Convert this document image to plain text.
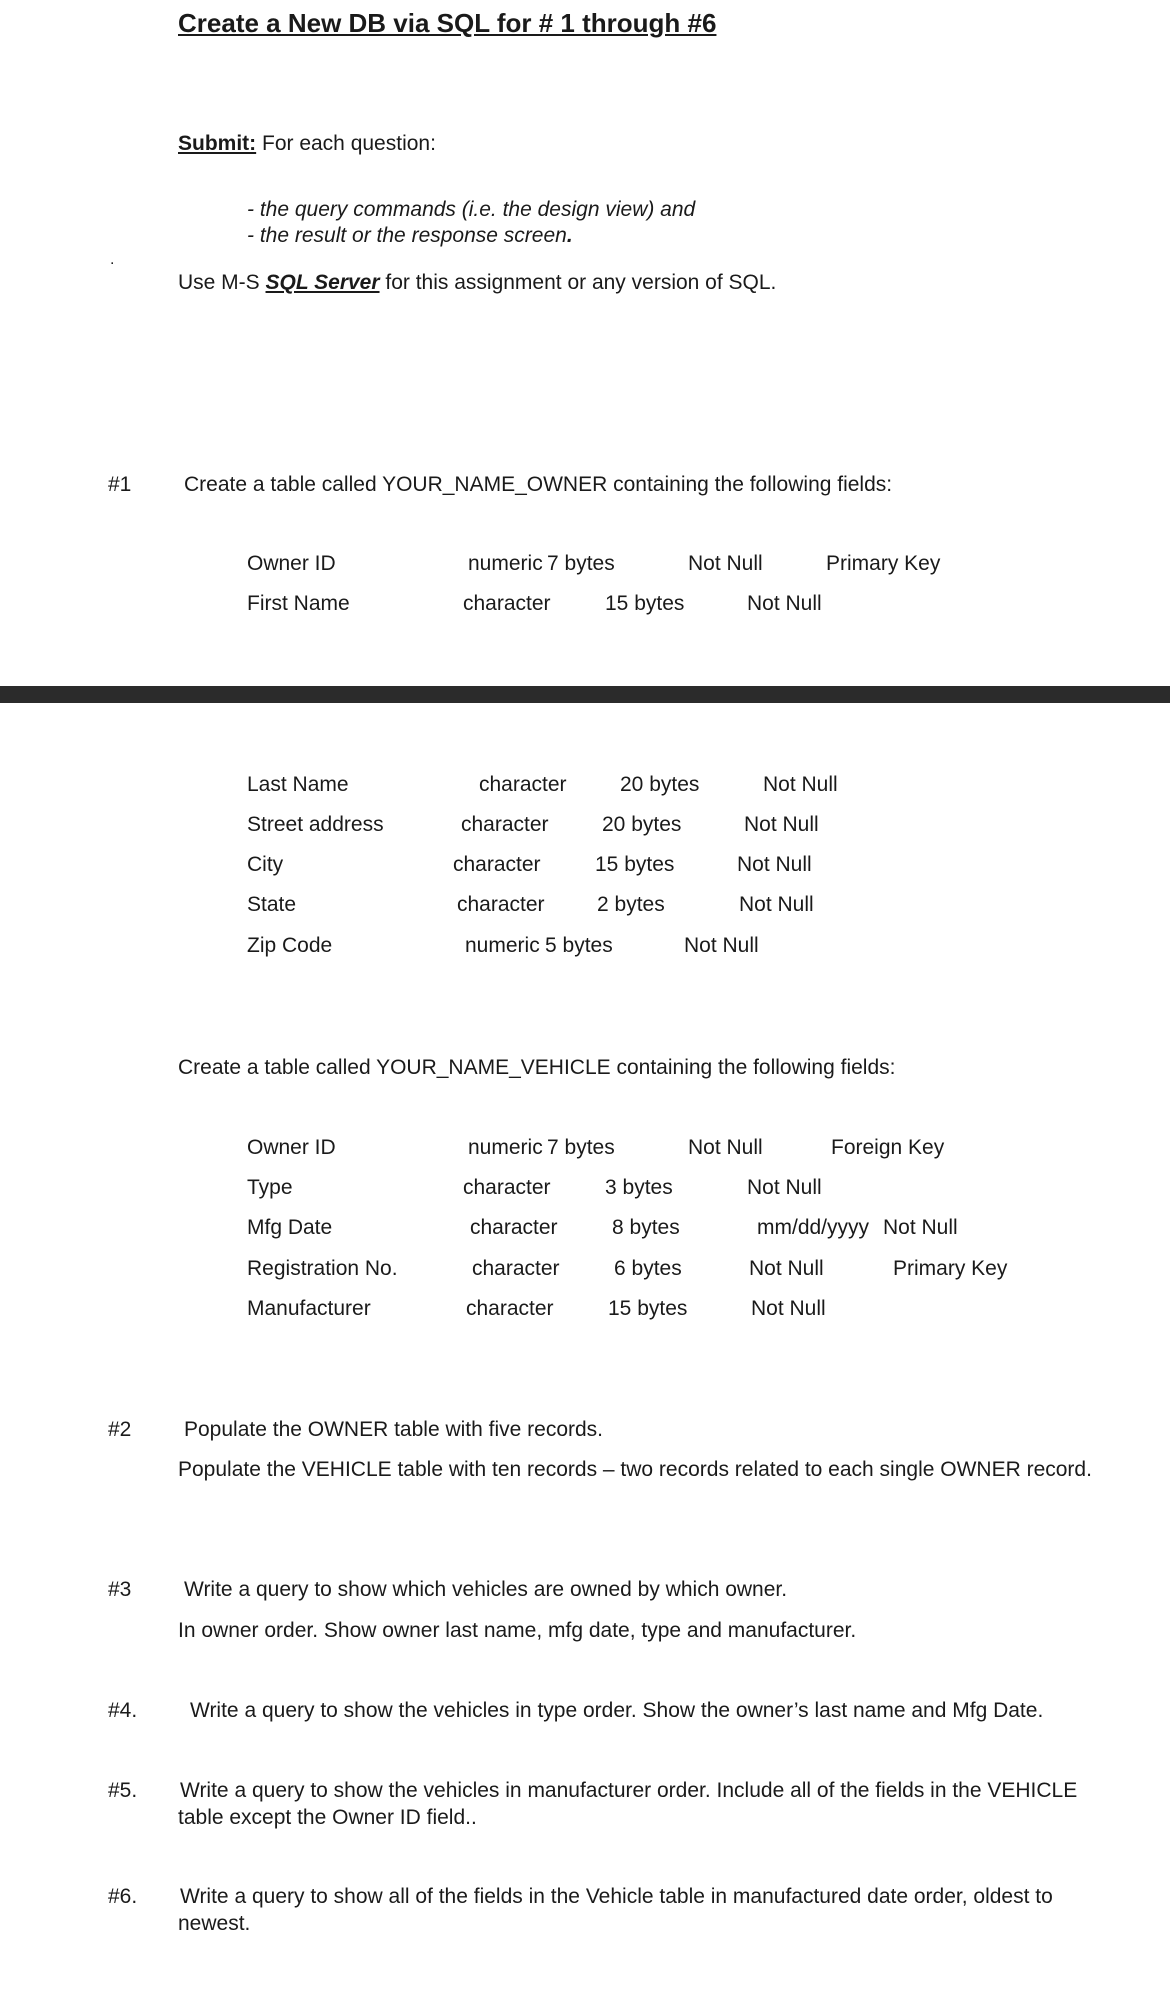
Create a New DB via SQL for # 1 through #6
Submit: For each question:
- the query commands (i.e. the design view) and
- the result or the response screen.
.
Use M-S SQL Server for this assignment or any version of SQL.
#1	Create a table called YOUR_NAME_OWNER containing the following fields:
Owner ID	numeric 7 bytes	Not Null	Primary Key
First Name	character	15 bytes	Not Null
Last Name	character	20 bytes	Not Null
Street address	character	20 bytes	Not Null
City	character	15 bytes	Not Null
State	character 2 bytes	Not Null
Zip Code	numeric 5 bytes	Not Null
Create a table called YOUR_NAME_VEHICLE containing the following fields:
Owner ID	numeric 7 bytes	Not Null	Foreign Key
Type	character	3 bytes	Not Null
Mfg Date	character	8 bytes	mm/dd/yyyy Not Null
Registration No.	character	6 bytes	Not Null	Primary Key
Manufacturer	character	15 bytes	Not Null
#2	Populate the OWNER table with five records.
Populate the VEHICLE table with ten records – two records related to each single OWNER record.
#3	Write a query to show which vehicles are owned by which owner.
In owner order. Show owner last name, mfg date, type and manufacturer.
#4.	Write a query to show the vehicles in type order. Show the owner’s last name and Mfg Date.
#5. Write a query to show the vehicles in manufacturer order. Include all of the fields in the VEHICLE
table except the Owner ID field..
#6. Write a query to show all of the fields in the Vehicle table in manufactured date order, oldest to
newest.
